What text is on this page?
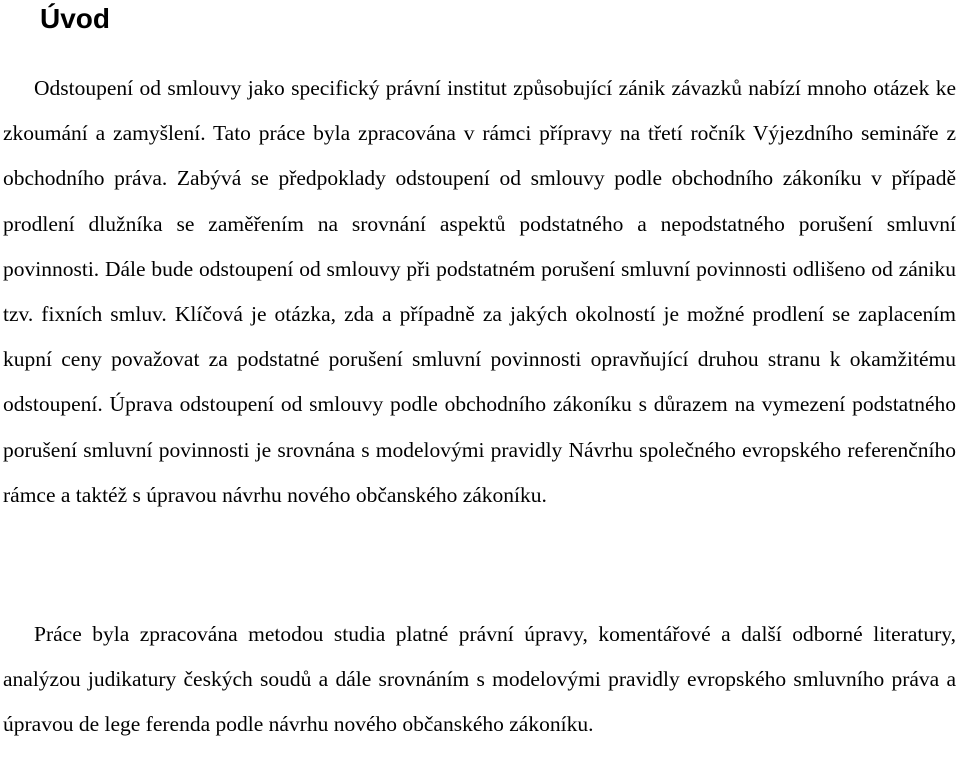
Úvod

Odstoupení od smlouvy jako specifický právní institut způsobující zánik závazků nabízí mnoho otázek ke zkoumání a zamyšlení. Tato práce byla zpracována v rámci přípravy na třetí ročník Výjezdního semináře z obchodního práva. Zabývá se předpoklady odstoupení od smlouvy podle obchodního zákoníku v případě prodlení dlužníka se zaměřením na srovnání aspektů podstatného a nepodstatného porušení smluvní povinnosti. Dále bude odstoupení od smlouvy při podstatném porušení smluvní povinnosti odlišeno od zániku tzv. fixních smluv. Klíčová je otázka, zda a případně za jakých okolností je možné prodlení se zaplacením kupní ceny považovat za podstatné porušení smluvní povinnosti opravňující druhou stranu k okamžitému odstoupení. Úprava odstoupení od smlouvy podle obchodního zákoníku s důrazem na vymezení podstatného porušení smluvní povinnosti je srovnána s modelovými pravidly Návrhu společného evropského referenčního rámce a taktéž s úpravou návrhu nového občanského zákoníku.

Práce byla zpracována metodou studia platné právní úpravy, komentářové a další odborné literatury, analýzou judikatury českých soudů a dále srovnáním s modelovými pravidly evropského smluvního práva a úpravou de lege ferenda podle návrhu nového občanského zákoníku.
